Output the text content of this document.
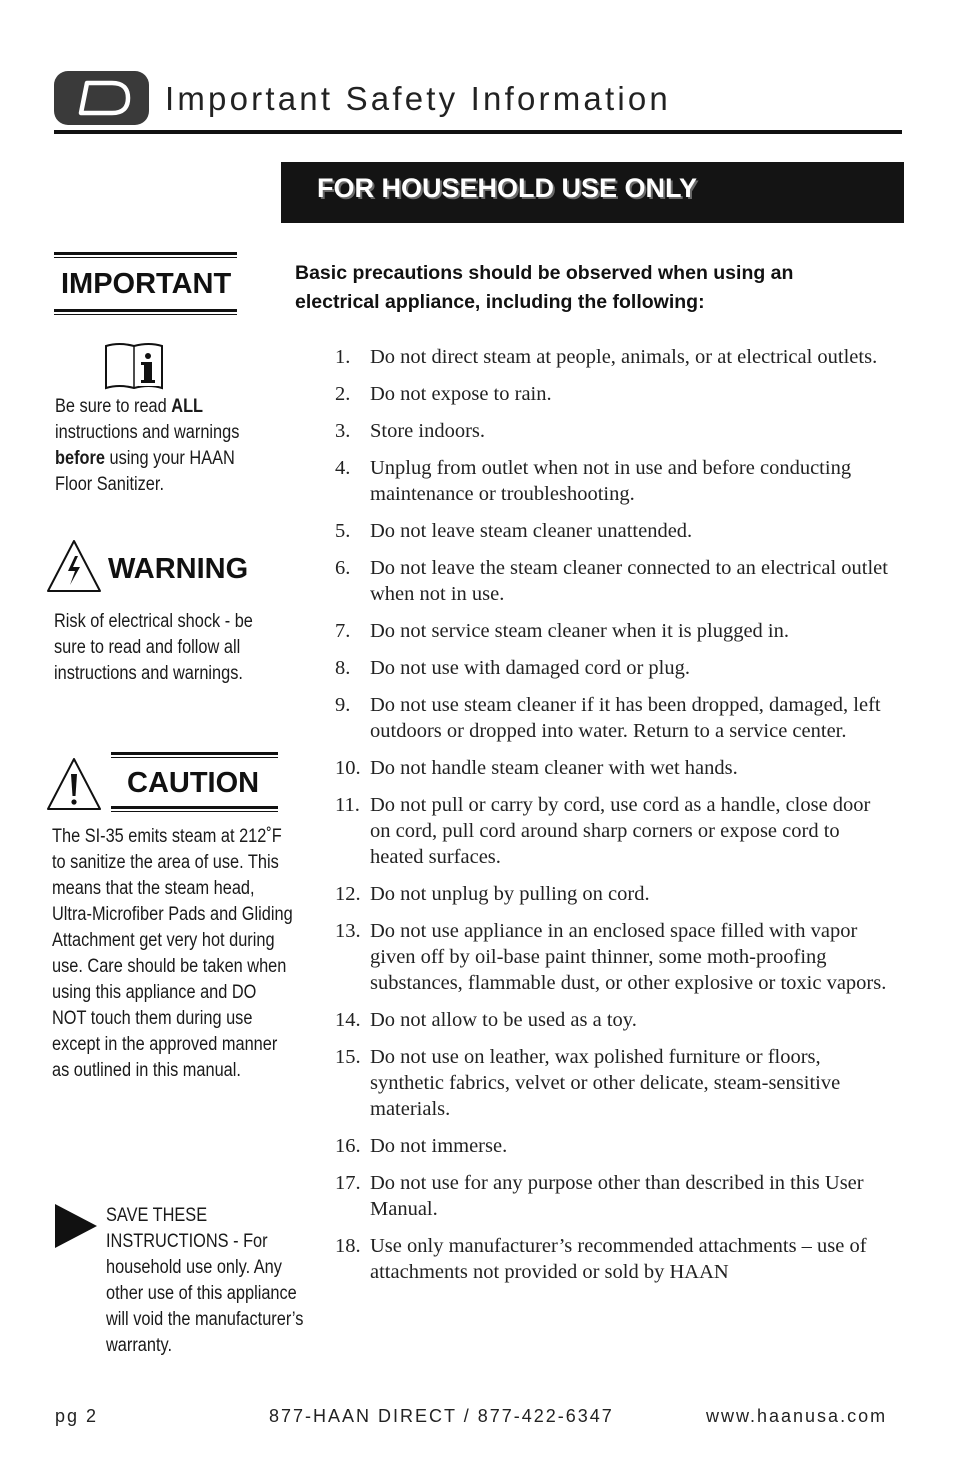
Important Safety Information
FOR HOUSEHOLD USE ONLY
IMPORTANT
Be sure to read ALL instructions and warnings before using your HAAN Floor Sanitizer.
WARNING
Risk of electrical shock - be sure to read and follow all instructions and warnings.
CAUTION
The SI-35 emits steam at 212˚F to sanitize the area of use. This means that the steam head, Ultra-Microfiber Pads and Gliding Attachment get very hot during use. Care should be taken when using this appliance and DO NOT touch them during use except in the approved manner as outlined in this manual.
SAVE THESE INSTRUCTIONS - For household use only. Any other use of this appliance will void the manufacturer’s warranty.
Basic precautions should be observed when using an electrical appliance, including the following:
1. Do not direct steam at people, animals, or at electrical outlets.
2. Do not expose to rain.
3. Store indoors.
4. Unplug from outlet when not in use and before conducting maintenance or troubleshooting.
5. Do not leave steam cleaner unattended.
6. Do not leave the steam cleaner connected to an electrical outlet when not in use.
7. Do not service steam cleaner when it is plugged in.
8. Do not use with damaged cord or plug.
9. Do not use steam cleaner if it has been dropped, damaged, left outdoors or dropped into water. Return to a service center.
10. Do not handle steam cleaner with wet hands.
11. Do not pull or carry by cord, use cord as a handle, close door on cord, pull cord around sharp corners or expose cord to heated surfaces.
12. Do not unplug by pulling on cord.
13. Do not use appliance in an enclosed space filled with vapor given off by oil-base paint thinner, some moth-proofing substances, flammable dust, or other explosive or toxic vapors.
14. Do not allow to be used as a toy.
15. Do not use on leather, wax polished furniture or floors, synthetic fabrics, velvet or other delicate, steam-sensitive materials.
16. Do not immerse.
17. Do not use for any purpose other than described in this User Manual.
18. Use only manufacturer’s recommended attachments – use of attachments not provided or sold by HAAN
pg 2	877-HAAN DIRECT / 877-422-6347	www.haanusa.com
